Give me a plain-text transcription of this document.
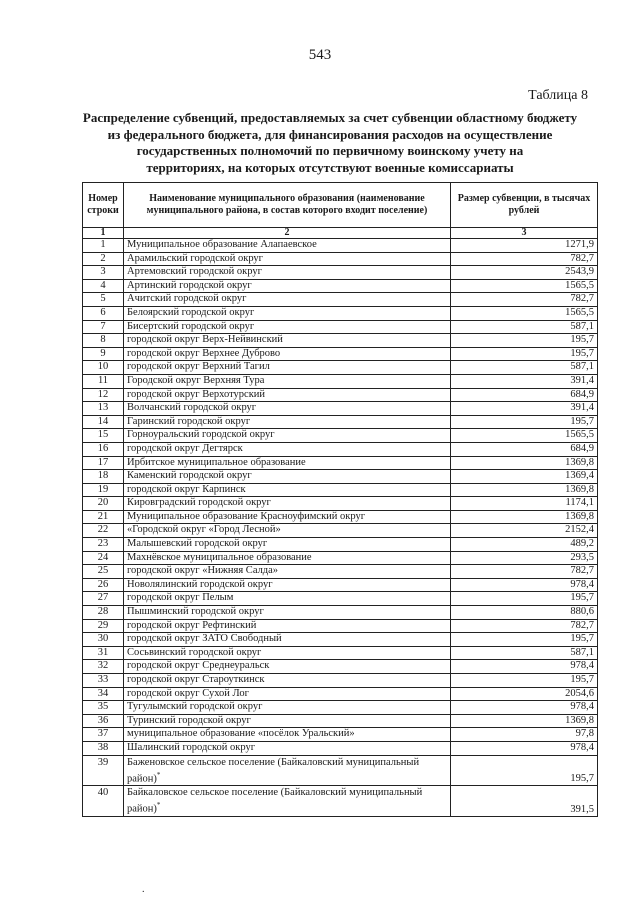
543
Таблица 8
Распределение субвенций, предоставляемых за счет субвенции областному бюджету
из федерального бюджета, для финансирования расходов на осуществление
государственных полномочий по первичному воинскому учету на
территориях, на которых отсутствуют военные комиссариаты
Номер строки	Наименование муниципального образования (наименование муниципального района, в состав которого входит поселение)	Размер субвенции, в тысячах рублей
1	2	3
1	Муниципальное образование Алапаевское	1271,9
2	Арамильский городской округ	782,7
3	Артемовский городской округ	2543,9
4	Артинский городской округ	1565,5
5	Ачитский городской округ	782,7
6	Белоярский городской округ	1565,5
7	Бисертский городской округ	587,1
8	городской округ Верх-Нейвинский	195,7
9	городской округ Верхнее Дуброво	195,7
10	городской округ Верхний Тагил	587,1
11	Городской округ Верхняя Тура	391,4
12	городской округ Верхотурский	684,9
13	Волчанский городской округ	391,4
14	Гаринский городской округ	195,7
15	Горноуральский городской округ	1565,5
16	городской округ Дегтярск	684,9
17	Ирбитское муниципальное образование	1369,8
18	Каменский городской округ	1369,4
19	городской округ Карпинск	1369,8
20	Кировградский городской округ	1174,1
21	Муниципальное образование Красноуфимский округ	1369,8
22	«Городской округ «Город Лесной»	2152,4
23	Малышевский городской округ	489,2
24	Махнёвское муниципальное образование	293,5
25	городской округ «Нижняя Салда»	782,7
26	Новолялинский городской округ	978,4
27	городской округ Пелым	195,7
28	Пышминский городской округ	880,6
29	городской округ Рефтинский	782,7
30	городской округ ЗАТО Свободный	195,7
31	Сосьвинский городской округ	587,1
32	городской округ Среднеуральск	978,4
33	городской округ Староуткинск	195,7
34	городской округ Сухой Лог	2054,6
35	Тугулымский городской округ	978,4
36	Туринский городской округ	1369,8
37	муниципальное образование «посёлок Уральский»	97,8
38	Шалинский городской округ	978,4
39	Баженовское сельское поселение (Байкаловский муниципальный район)*	195,7
40	Байкаловское сельское поселение (Байкаловский муниципальный район)*	391,5
.
